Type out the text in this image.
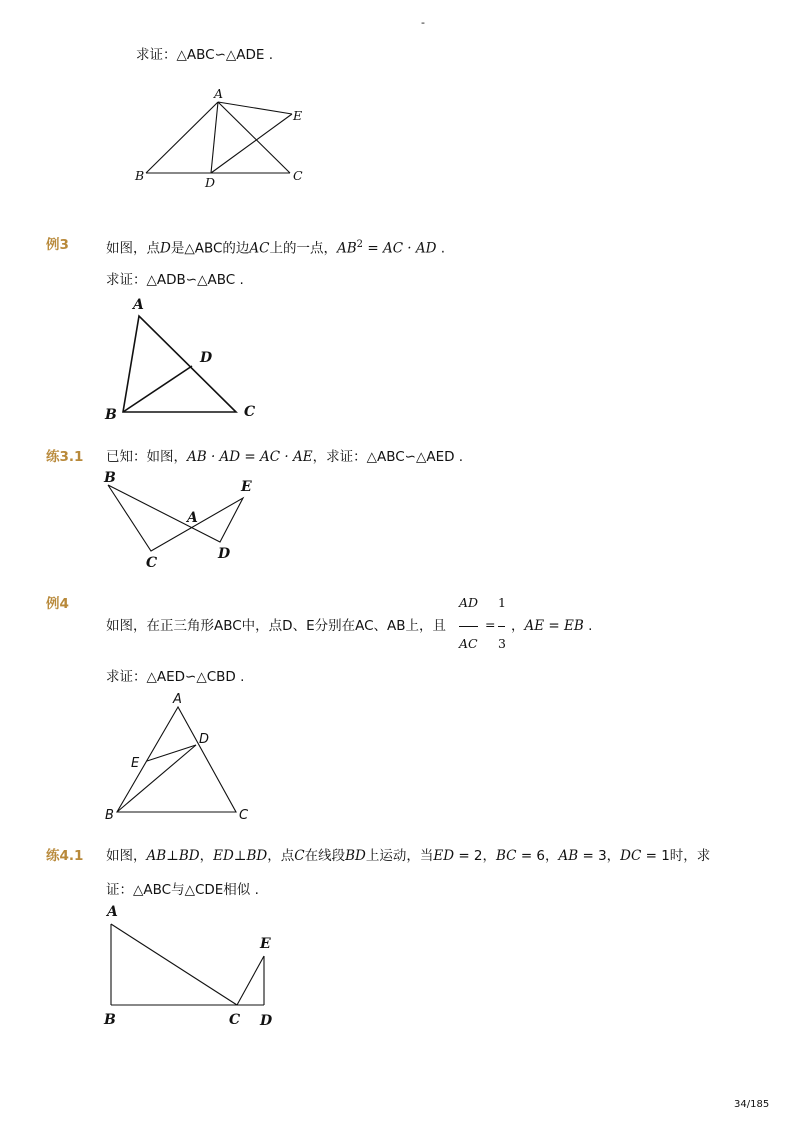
-
求证：△ABC∽△ADE .
A
B	C
D
E
例3	如图，点D是△ABC的边AC上的一点，$AB^2$ = AC · AD .
求证：△ADB∽△ABC .
A
B	C
D
练3.1 已知：如图，AB · AD = AC · AE，求证：△ABC∽△AED .
B
C
D
E
A
例4
如图，在正三角形ABC中，点D、E分别在AC、AB上，且
AD
AC
=
1
3
，AE = EB .
求证：△AED∽△CBD .
A
B	C
D
E
练4.1 如图，AB⊥BD，ED⊥BD，点C在线段BD上运动，当ED = 2，BC = 6，AB = 3，DC = 1时，求
证：△ABC与△CDE相似 .
A
B	C D
E
34/185
